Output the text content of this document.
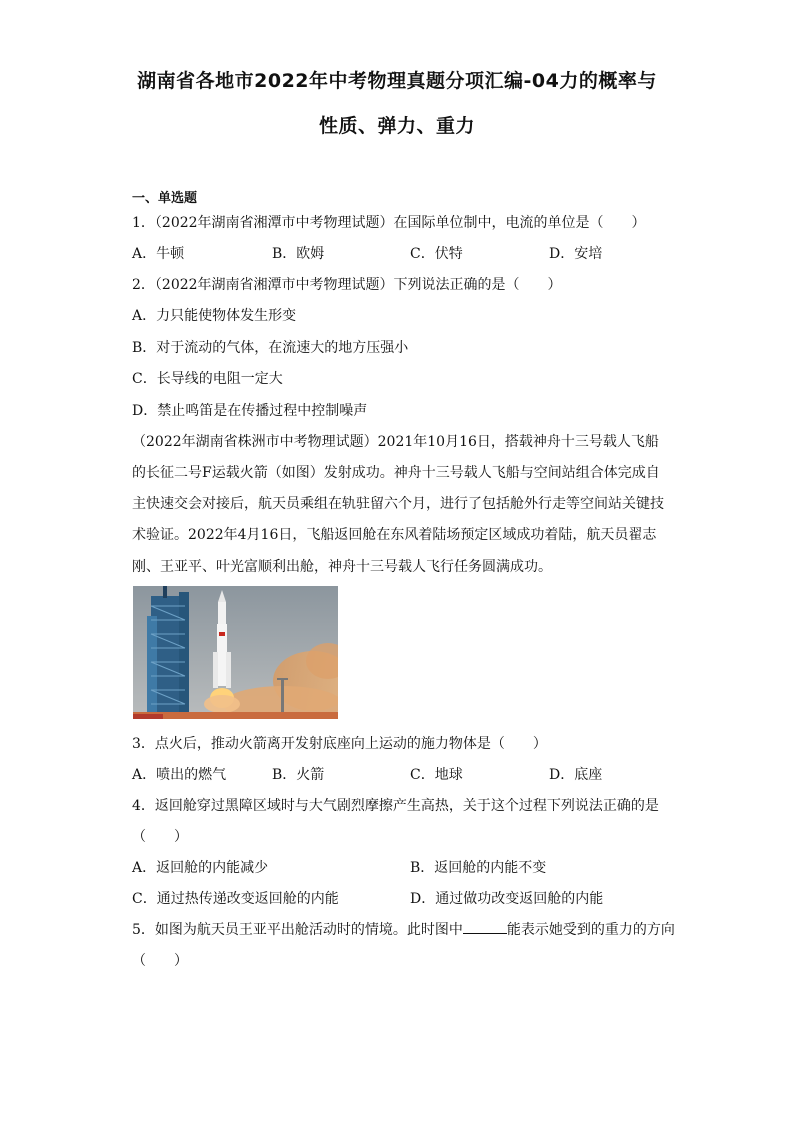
湖南省各地市2022年中考物理真题分项汇编-04力的概率与
性质、弹力、重力
一、单选题
1．（2022年湖南省湘潭市中考物理试题）在国际单位制中，电流的单位是（　　）
A．牛顿	B．欧姆	C．伏特	D．安培
2．（2022年湖南省湘潭市中考物理试题）下列说法正确的是（　　）
A．力只能使物体发生形变
B．对于流动的气体，在流速大的地方压强小
C．长导线的电阻一定大
D．禁止鸣笛是在传播过程中控制噪声
（2022年湖南省株洲市中考物理试题）2021年10月16日，搭载神舟十三号载人飞船
的长征二号F运载火箭（如图）发射成功。神舟十三号载人飞船与空间站组合体完成自
主快速交会对接后，航天员乘组在轨驻留六个月，进行了包括舱外行走等空间站关键技
术验证。2022年4月16日，飞船返回舱在东风着陆场预定区域成功着陆，航天员翟志
刚、王亚平、叶光富顺利出舱，神舟十三号载人飞行任务圆满成功。
3．点火后，推动火箭离开发射底座向上运动的施力物体是（　　）
A．喷出的燃气	B．火箭	C．地球	D．底座
4．返回舱穿过黑障区域时与大气剧烈摩擦产生高热，关于这个过程下列说法正确的是
（　　）
A．返回舱的内能减少	B．返回舱的内能不变
C．通过热传递改变返回舱的内能	D．通过做功改变返回舱的内能
5．如图为航天员王亚平出舱活动时的情境。此时图中	能表示她受到的重力的方向
（　　）
